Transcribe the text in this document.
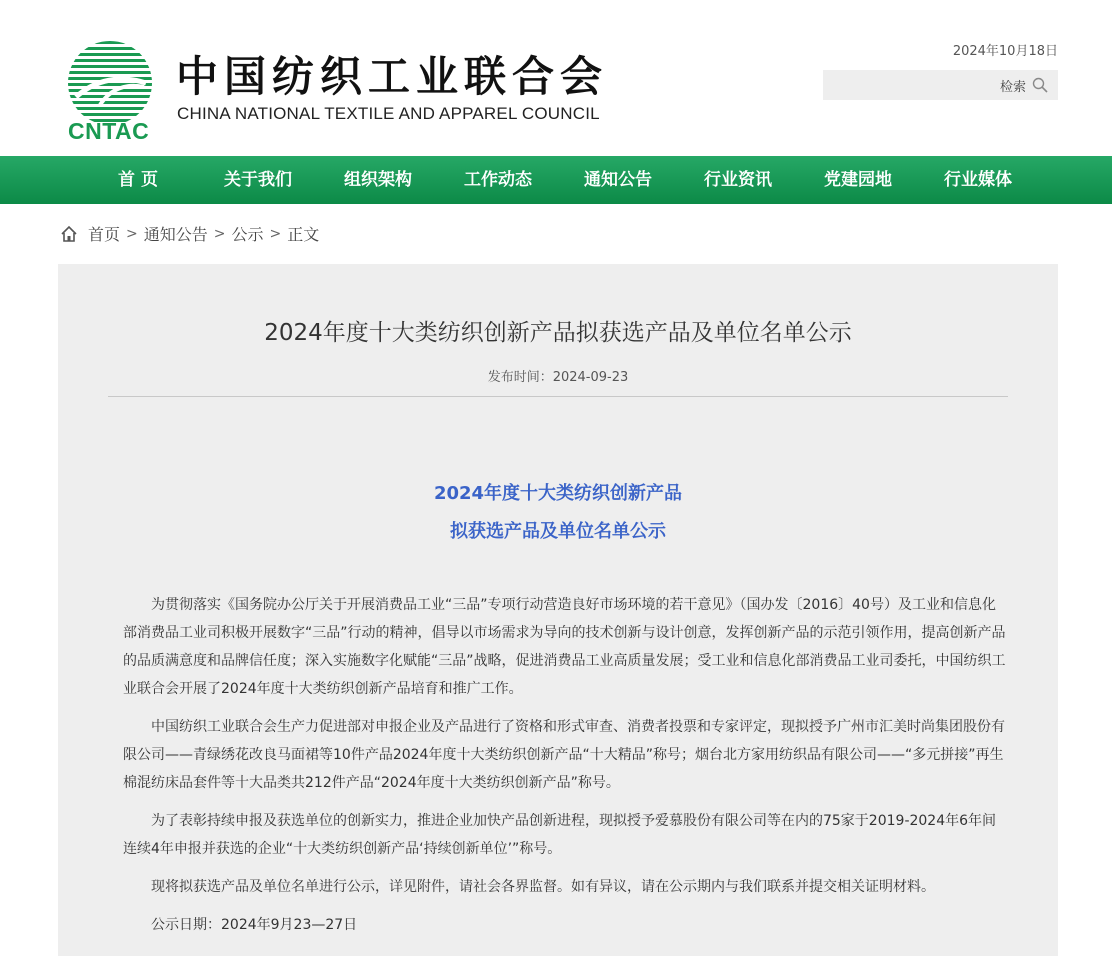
CNTAC
中国纺织工业联合会
CHINA NATIONAL TEXTILE AND APPAREL COUNCIL
2024年10月18日
检索
首 页	关于我们	组织架构	工作动态	通知公告	行业资讯	党建园地	行业媒体
首页 > 通知公告 > 公示 > 正文
2024年度十大类纺织创新产品拟获选产品及单位名单公示
发布时间：2024-09-23
2024年度十大类纺织创新产品
拟获选产品及单位名单公示

为贯彻落实《国务院办公厅关于开展消费品工业“三品”专项行动营造良好市场环境的若干意见》（国办发〔2016〕40号）及工业和信息化部消费品工业司积极开展数字“三品”行动的精神，倡导以市场需求为导向的技术创新与设计创意，发挥创新产品的示范引领作用，提高创新产品的品质满意度和品牌信任度；深入实施数字化赋能“三品”战略，促进消费品工业高质量发展；受工业和信息化部消费品工业司委托，中国纺织工业联合会开展了2024年度十大类纺织创新产品培育和推广工作。

中国纺织工业联合会生产力促进部对申报企业及产品进行了资格和形式审查、消费者投票和专家评定，现拟授予广州市汇美时尚集团股份有限公司——青绿绣花改良马面裙等10件产品2024年度十大类纺织创新产品“十大精品”称号；烟台北方家用纺织品有限公司——“多元拼接”再生棉混纺床品套件等十大品类共212件产品“2024年度十大类纺织创新产品”称号。

为了表彰持续申报及获选单位的创新实力，推进企业加快产品创新进程，现拟授予爱慕股份有限公司等在内的75家于2019-2024年6年间连续4年申报并获选的企业“十大类纺织创新产品‘持续创新单位’”称号。

现将拟获选产品及单位名单进行公示，详见附件，请社会各界监督。如有异议，请在公示期内与我们联系并提交相关证明材料。

公示日期：2024年9月23—27日
